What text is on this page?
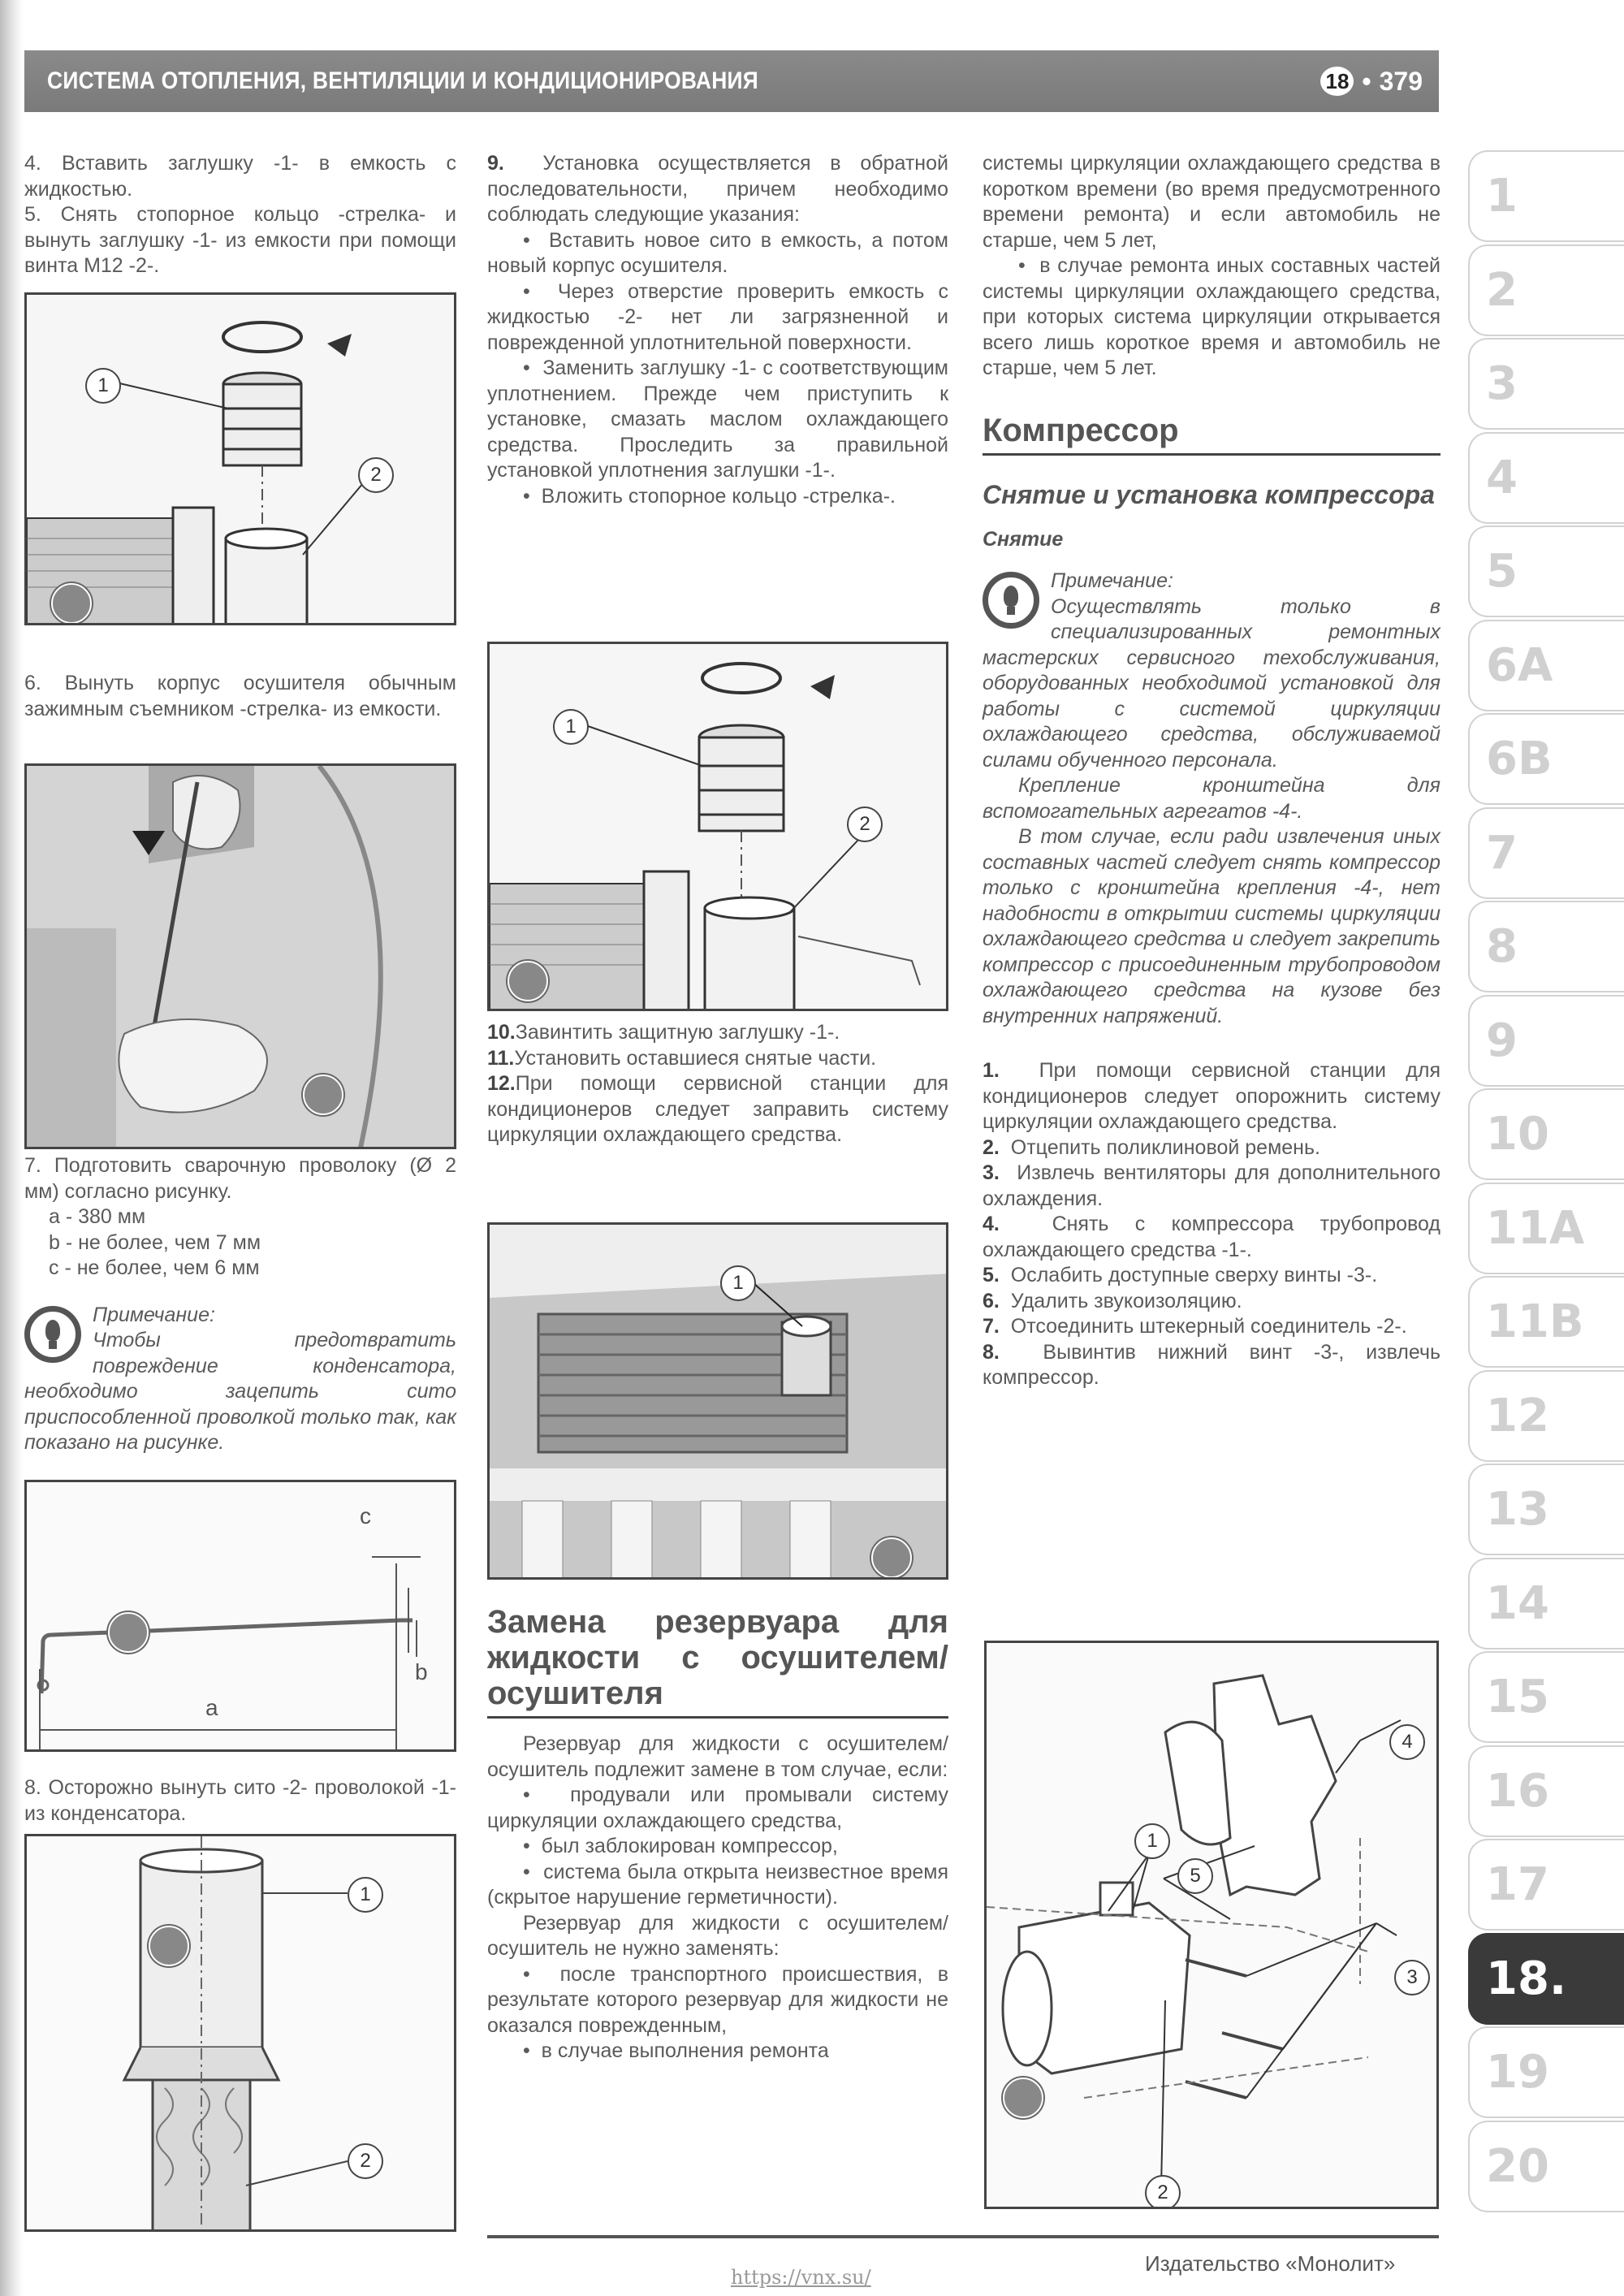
СИСТЕМА ОТОПЛЕНИЯ, ВЕНТИЛЯЦИИ И КОНДИЦИОНИРОВАНИЯ	18 • 379

4. Вставить заглушку -1- в емкость с жидкостью.

5. Снять стопорное кольцо -стрелка- и вынуть заглушку -1- из емкости при помощи винта М12 -2-.

1
2

6. Вынуть корпус осушителя обычным зажимным съемником -стрелка- из емкости.

7. Подготовить сварочную проволоку (Ø 2 мм) согласно рисунку.

a - 380 мм

b - не более, чем 7 мм

c - не более, чем 6 мм

Примечание:

Чтобы предотвратить повреждение конденсатора, необходимо зацепить сито приспособленной проволкой только так, как показано на рисунке.

a
b
c

8. Осторожно вынуть сито -2- проволокой -1- из конденсатора.

1
2

9. Установка осуществляется в обратной последовательности, причем необходимо соблюдать следующие указания:

•  Вставить новое сито в емкость, а потом новый корпус осушителя.

•  Через отверстие проверить емкость с жидкостью -2- нет ли загрязненной и поврежденной уплотнительной поверхности.

•  Заменить заглушку -1- с соответствующим уплотнением. Прежде чем приступить к установке, смазать маслом охлаждающего средства. Проследить за правильной установкой уплотнения заглушки -1-.

•  Вложить стопорное кольцо -стрелка-.

1
2

10.Завинтить защитную заглушку -1-.

11.Установить оставшиеся снятые части.

12.При помощи сервисной станции для кондиционеров следует заправить систему циркуляции охлаждающего средства.

1
Замена резервуара для жидкости с осушителем/ осушителя

Резервуар для жидкости с осушителем/осушитель подлежит замене в том случае, если:

•  продували или промывали систему циркуляции охлаждающего средства,

•  был заблокирован компрессор,

•  система была открыта неизвестное время (скрытое нарушение герметичности).

Резервуар для жидкости с осушителем/осушитель не нужно заменять:

•  после транспортного происшествия, в результате которого резервуар для жидкости не оказался поврежденным,

•  в случае выполнения ремонта

системы циркуляции охлаждающего средства в коротком времени (во время предусмотренного времени ремонта) и если автомобиль не старше, чем 5 лет,

•  в случае ремонта иных составных частей системы циркуляции охлаждающего средства, при которых система циркуляции открывается всего лишь короткое время и автомобиль не старше, чем 5 лет.

Компрессор
Снятие и установка компрессора
Снятие

Примечание:

Осуществлять только в специализированных ремонтных мастерских сервисного техобслуживания, оборудованных необходимой установкой для работы с системой циркуляции охлаждающего средства, обслуживаемой силами обученного персонала.

Крепление кронштейна для вспомогательных агрегатов -4-.

В том случае, если ради извлечения иных составных частей следует снять компрессор только с кронштейна крепления -4-, нет надобности в открытии системы циркуляции охлаждающего средства и следует закрепить компрессор с присоединенным трубопроводом охлаждающего средства на кузове без внутренних напряжений.

1. При помощи сервисной станции для кондиционеров следует опорожнить систему циркуляции охлаждающего средства.

2. Отцепить поликлиновой ремень.

3. Извлечь вентиляторы для дополнительного охлаждения.

4.	Снять с компрессора трубопровод охлаждающего средства -1-.

5. Ослабить доступные сверху винты -3-.

6. Удалить звукоизоляцию.

7. Отсоединить штекерный соединитель -2-.

8. Вывинтив нижний винт -3-, извлечь компрессор.

1
2
3
4
5
1
2
3
4
5
6A
6B
7
8
9
10
11A
11B
12
13
14
15
16
17
18.
19
20
Издательство «Монолит»
https://vnx.su/
